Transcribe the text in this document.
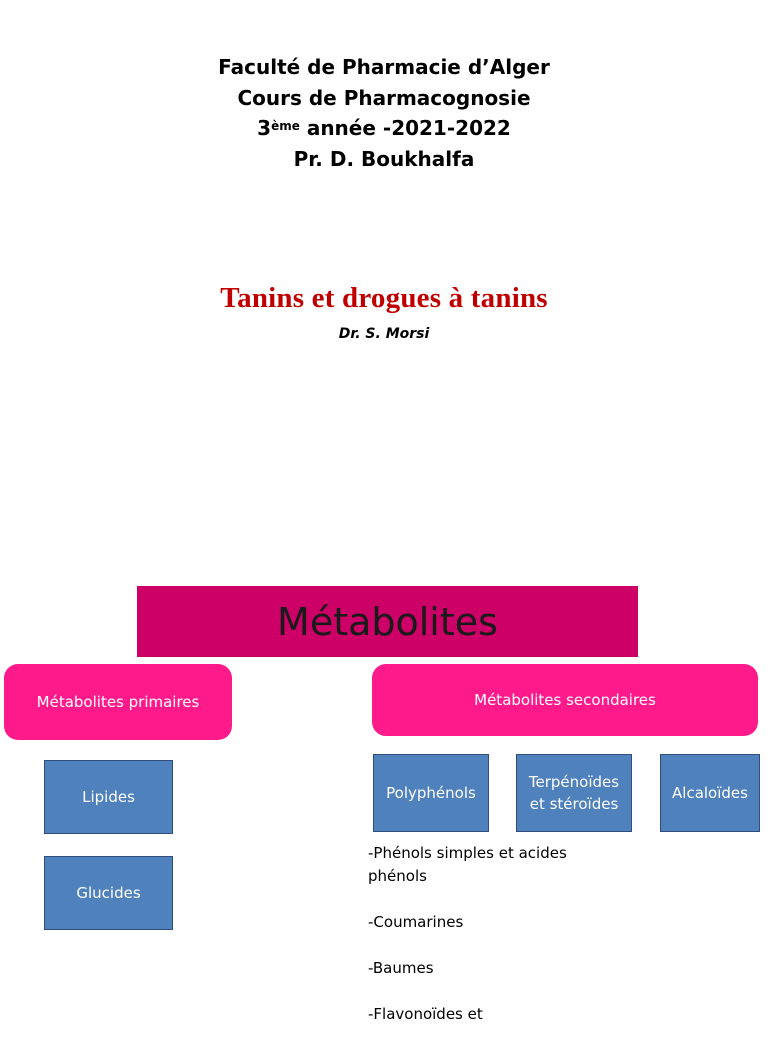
Faculté de Pharmacie d’Alger
Cours de Pharmacognosie
3ème année -2021-2022
Pr. D. Boukhalfa
Tanins et drogues à tanins
Dr. S. Morsi
Métabolites
Métabolites primaires	Métabolites secondaires
Lipides
Glucides
Polyphénols
Terpénoïdes et stéroïdes
Alcaloïdes
-Phénols simples et acides phénols
-Coumarines
-Baumes
-Flavonoïdes et
